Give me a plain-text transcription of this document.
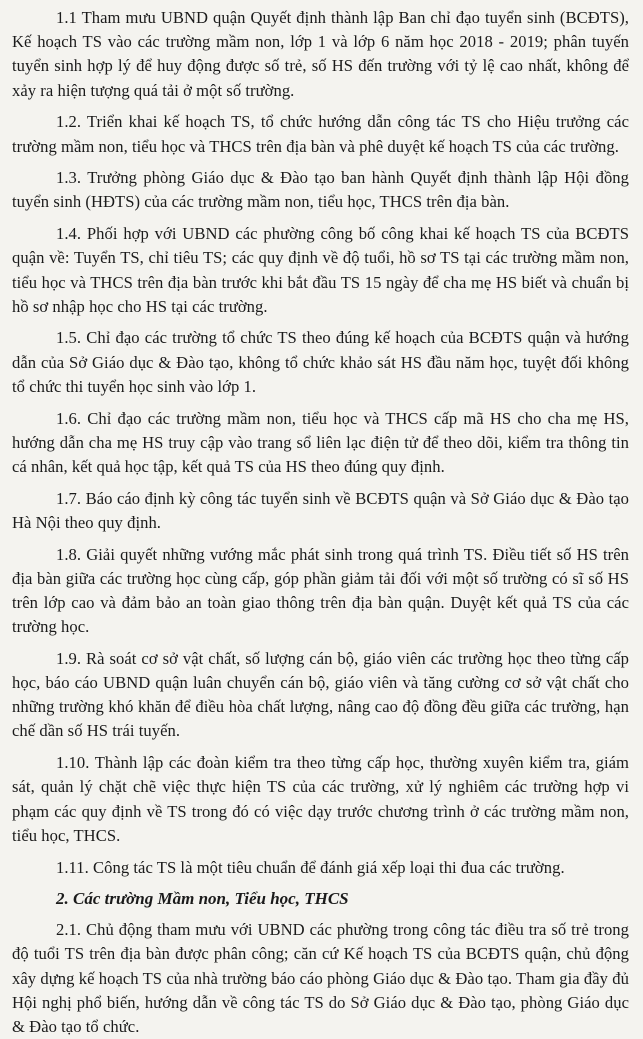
1.1 Tham mưu UBND quận Quyết định thành lập Ban chỉ đạo tuyển sinh (BCĐTS), Kế hoạch TS vào các trường mầm non, lớp 1 và lớp 6 năm học 2018 - 2019; phân tuyến tuyển sinh hợp lý để huy động được số trẻ, số HS đến trường với tỷ lệ cao nhất, không để xảy ra hiện tượng quá tải ở một số trường.

1.2. Triển khai kế hoạch TS, tổ chức hướng dẫn công tác TS cho Hiệu trưởng các trường mầm non, tiểu học và THCS trên địa bàn và phê duyệt kế hoạch TS của các trường.

1.3. Trưởng phòng Giáo dục & Đào tạo ban hành Quyết định thành lập Hội đồng tuyển sinh (HĐTS) của các trường mầm non, tiểu học, THCS trên địa bàn.

1.4. Phối hợp với UBND các phường công bố công khai kế hoạch TS của BCĐTS quận về: Tuyển TS, chỉ tiêu TS; các quy định về độ tuổi, hồ sơ TS tại các trường mầm non, tiểu học và THCS trên địa bàn trước khi bắt đầu TS 15 ngày để cha mẹ HS biết và chuẩn bị hồ sơ nhập học cho HS tại các trường.

1.5. Chỉ đạo các trường tổ chức TS theo đúng kế hoạch của BCĐTS quận và hướng dẫn của Sở Giáo dục & Đào tạo, không tổ chức khảo sát HS đầu năm học, tuyệt đối không tổ chức thi tuyển học sinh vào lớp 1.

1.6. Chỉ đạo các trường mầm non, tiểu học và THCS cấp mã HS cho cha mẹ HS, hướng dẫn cha mẹ HS truy cập vào trang sổ liên lạc điện tử để theo dõi, kiểm tra thông tin cá nhân, kết quả học tập, kết quả TS của HS theo đúng quy định.

1.7. Báo cáo định kỳ công tác tuyển sinh về BCĐTS quận và Sở Giáo dục & Đào tạo Hà Nội theo quy định.

1.8. Giải quyết những vướng mắc phát sinh trong quá trình TS. Điều tiết số HS trên địa bàn giữa các trường học cùng cấp, góp phần giảm tải đối với một số trường có sĩ số HS trên lớp cao và đảm bảo an toàn giao thông trên địa bàn quận. Duyệt kết quả TS của các trường học.

1.9. Rà soát cơ sở vật chất, số lượng cán bộ, giáo viên các trường học theo từng cấp học, báo cáo UBND quận luân chuyển cán bộ, giáo viên và tăng cường cơ sở vật chất cho những trường khó khăn để điều hòa chất lượng, nâng cao độ đồng đều giữa các trường, hạn chế dần số HS trái tuyến.

1.10. Thành lập các đoàn kiểm tra theo từng cấp học, thường xuyên kiểm tra, giám sát, quản lý chặt chẽ việc thực hiện TS của các trường, xử lý nghiêm các trường hợp vi phạm các quy định về TS trong đó có việc dạy trước chương trình ở các trường mầm non, tiểu học, THCS.

1.11. Công tác TS là một tiêu chuẩn để đánh giá xếp loại thi đua các trường.

2. Các trường Mầm non, Tiểu học, THCS

2.1. Chủ động tham mưu với UBND các phường trong công tác điều tra số trẻ trong độ tuổi TS trên địa bàn được phân công; căn cứ Kế hoạch TS của BCĐTS quận, chủ động xây dựng kế hoạch TS của nhà trường báo cáo phòng Giáo dục & Đào tạo. Tham gia đầy đủ Hội nghị phổ biến, hướng dẫn về công tác TS do Sở Giáo dục & Đào tạo, phòng Giáo dục & Đào tạo tổ chức.
